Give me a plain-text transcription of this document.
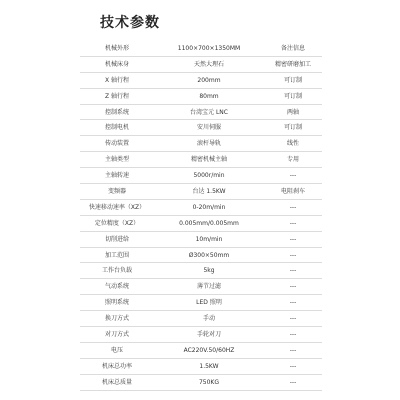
技术参数
机械外形	1100×700×1350MM	备注信息
机械床身	天然大理石	精密研磨加工
X 轴行程	200mm	可订制
Z 轴行程	80mm	可订制
控制系统	台湾宝元 LNC	两轴
控制电机	安川伺服	可订制
传动装置	滚杆导轨	线性
主轴类型	精密机械主轴	专用
主轴转速	5000r/min	---
变频器	台达 1.5KW	电阻刹车
快速移动速率（XZ）	0-20m/min	---
定位精度（XZ）	0.005mm/0.005mm	---
切削进给	10m/min	---
加工范围	Ø300×50mm	---
工作台负载	5kg	---
气动系统	薄节过滤	---
照明系统	LED 照明	---
换刀方式	手动	---
对刀方式	手轮对刀	---
电压	AC220V.50/60HZ	---
机床总功率	1.5KW	---
机床总质量	750KG	---
